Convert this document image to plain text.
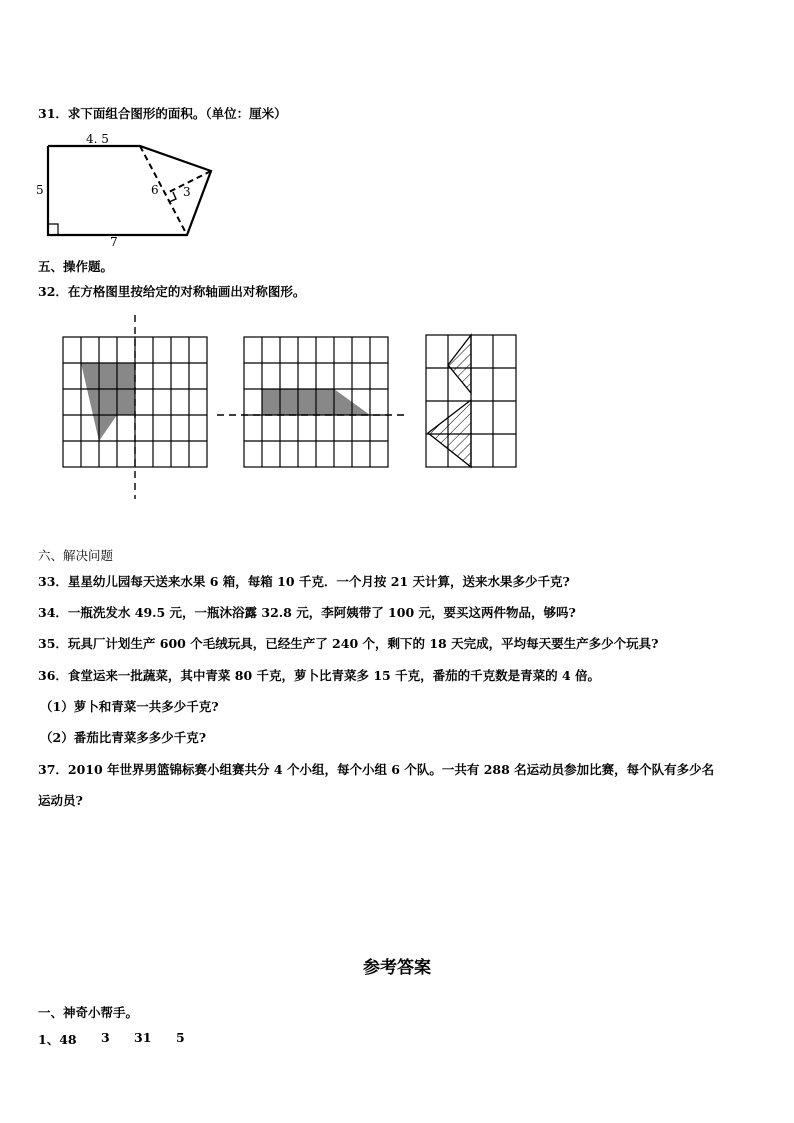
31．求下面组合图形的面积。（单位：厘米）
4. 5
5
7
6 3
五、操作题。
32．在方格图里按给定的对称轴画出对称图形。
六、解决问题
33．星星幼儿园每天送来水果 6 箱，每箱 10 千克．一个月按 21 天计算，送来水果多少千克?
34．一瓶洗发水 49.5 元，一瓶沐浴露 32.8 元，李阿姨带了 100 元，要买这两件物品，够吗?
35．玩具厂计划生产 600 个毛绒玩具，已经生产了 240 个，剩下的 18 天完成，平均每天要生产多少个玩具?
36．食堂运来一批蔬菜，其中青菜 80 千克，萝卜比青菜多 15 千克，番茄的千克数是青菜的 4 倍。
（1）萝卜和青菜一共多少千克?
（2）番茄比青菜多多少千克?
37．2010 年世界男篮锦标赛小组赛共分 4 个小组，每个小组 6 个队。一共有 288 名运动员参加比赛，每个队有多少名
运动员?
参考答案
一、神奇小帮手。
1、48 3 31 5
